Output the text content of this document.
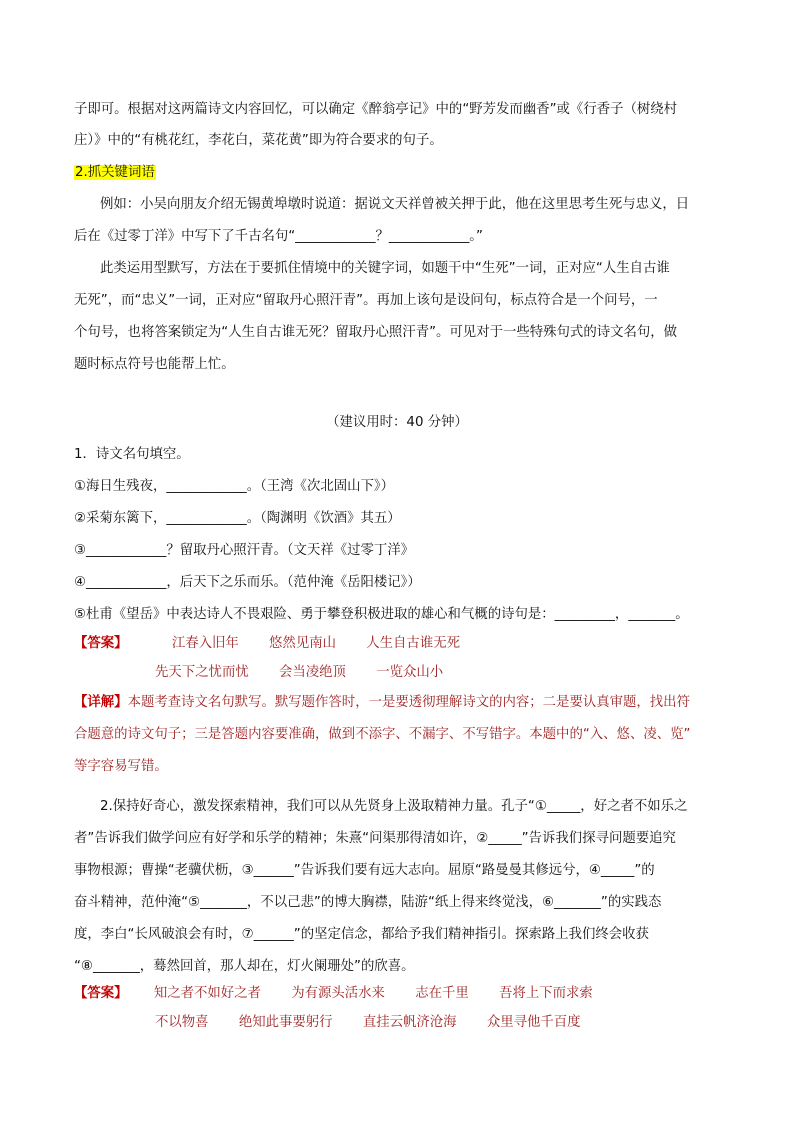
子即可。根据对这两篇诗文内容回忆，可以确定《醉翁亭记》中的“野芳发而幽香”或《行香子（树绕村
庄）》中的“有桃花红，李花白，菜花黄”即为符合要求的句子。
2.抓关键词语
例如：小吴向朋友介绍无锡黄埠墩时说道：据说文天祥曾被关押于此，他在这里思考生死与忠义，日
后在《过零丁洋》中写下了千古名句“____________？____________。”
此类运用型默写，方法在于要抓住情境中的关键字词，如题干中“生死”一词，正对应“人生自古谁
无死”，而“忠义”一词，正对应“留取丹心照汗青”。再加上该句是设问句，标点符合是一个问号，一
个句号，也将答案锁定为“人生自古谁无死？留取丹心照汗青”。可见对于一些特殊句式的诗文名句，做
题时标点符号也能帮上忙。
（建议用时：40 分钟）
1．诗文名句填空。
①海日生残夜，____________。（王湾《次北固山下》）
②采菊东篱下，____________。（陶渊明《饮酒》其五）
③____________？留取丹心照汗青。（文天祥《过零丁洋》
④____________，后天下之乐而乐。（范仲淹《岳阳楼记》）
⑤杜甫《望岳》中表达诗人不畏艰险、勇于攀登积极进取的雄心和气概的诗句是：_________，_______。
【答案】	江春入旧年 悠然见南山 人生自古谁无死
先天下之忧而忧 会当凌绝顶 一览众山小
【详解】本题考查诗文名句默写。默写题作答时，一是要透彻理解诗文的内容；二是要认真审题，找出符
合题意的诗文句子；三是答题内容要准确，做到不添字、不漏字、不写错字。本题中的“入、悠、凌、览”
等字容易写错。
2.保持好奇心，激发探索精神，我们可以从先贤身上汲取精神力量。孔子“①_____，好之者不如乐之
者”告诉我们做学问应有好学和乐学的精神；朱熹“问渠那得清如许，②_____”告诉我们探寻问题要追究
事物根源；曹操“老骥伏枥，③______”告诉我们要有远大志向。屈原“路曼曼其修远兮，④_____”的
奋斗精神，范仲淹“⑤_______，不以己悲”的博大胸襟，陆游“纸上得来终觉浅，⑥_______”的实践态
度，李白“长风破浪会有时，⑦______”的坚定信念，都给予我们精神指引。探索路上我们终会收获
“⑧_______，蓦然回首，那人却在，灯火阑珊处”的欣喜。
【答案】 知之者不如好之者 为有源头活水来 志在千里 吾将上下而求索
不以物喜 绝知此事要躬行 直挂云帆济沧海 众里寻他千百度
